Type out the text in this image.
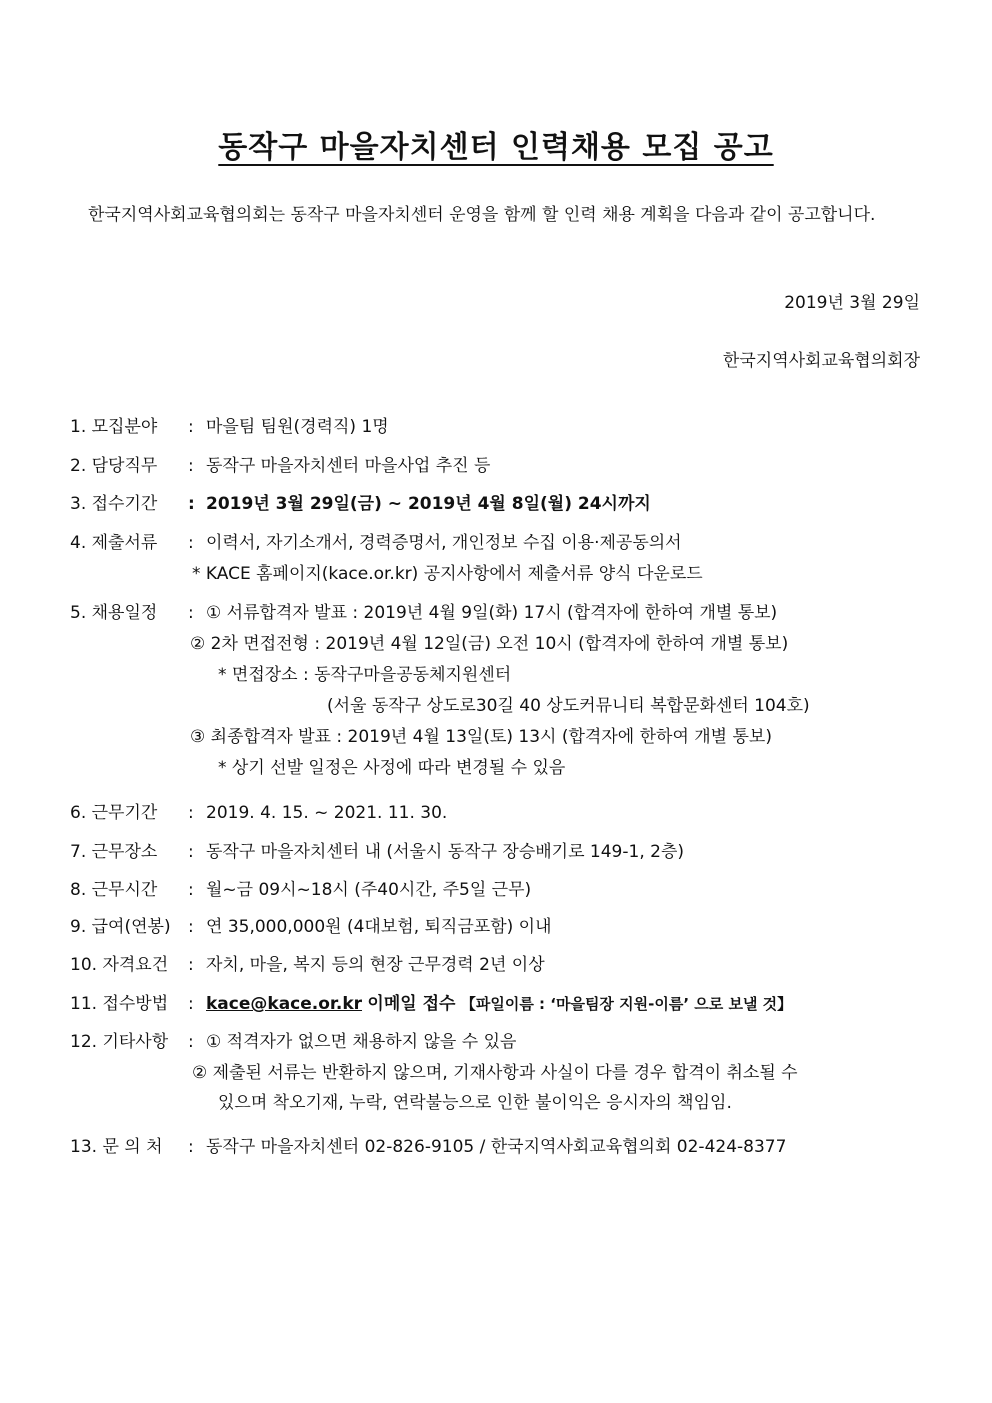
동작구 마을자치센터 인력채용 모집 공고
한국지역사회교육협의회는 동작구 마을자치센터 운영을 함께 할 인력 채용 계획을 다음과 같이 공고합니다.
2019년 3월 29일
한국지역사회교육협의회장
1. 모집분야 : 마을팀 팀원(경력직) 1명
2. 담당직무 : 동작구 마을자치센터 마을사업 추진 등
3. 접수기간 : 2019년 3월 29일(금) ~ 2019년 4월 8일(월) 24시까지
4. 제출서류 : 이력서, 자기소개서, 경력증명서, 개인정보 수집 이용·제공동의서
* KACE 홈페이지(kace.or.kr) 공지사항에서 제출서류 양식 다운로드
5. 채용일정 : ① 서류합격자 발표 : 2019년 4월 9일(화) 17시 (합격자에 한하여 개별 통보)
② 2차 면접전형 : 2019년 4월 12일(금) 오전 10시 (합격자에 한하여 개별 통보)
* 면접장소 : 동작구마을공동체지원센터
(서울 동작구 상도로30길 40 상도커뮤니티 복합문화센터 104호)
③ 최종합격자 발표 : 2019년 4월 13일(토) 13시 (합격자에 한하여 개별 통보)
* 상기 선발 일정은 사정에 따라 변경될 수 있음
6. 근무기간 : 2019. 4. 15. ~ 2021. 11. 30.
7. 근무장소 : 동작구 마을자치센터 내 (서울시 동작구 장승배기로 149-1, 2층)
8. 근무시간 : 월~금 09시~18시 (주40시간, 주5일 근무)
9. 급여(연봉) : 연 35,000,000원 (4대보험, 퇴직금포함) 이내
10. 자격요건 : 자치, 마을, 복지 등의 현장 근무경력 2년 이상
11. 접수방법 : kace@kace.or.kr 이메일 접수 【파일이름 : ‘마을팀장 지원-이름’ 으로 보낼 것】
12. 기타사항 : ① 적격자가 없으면 채용하지 않을 수 있음
② 제출된 서류는 반환하지 않으며, 기재사항과 사실이 다를 경우 합격이 취소될 수
있으며 착오기재, 누락, 연락불능으로 인한 불이익은 응시자의 책임임.
13. 문 의 처 : 동작구 마을자치센터 02-826-9105 / 한국지역사회교육협의회 02-424-8377
